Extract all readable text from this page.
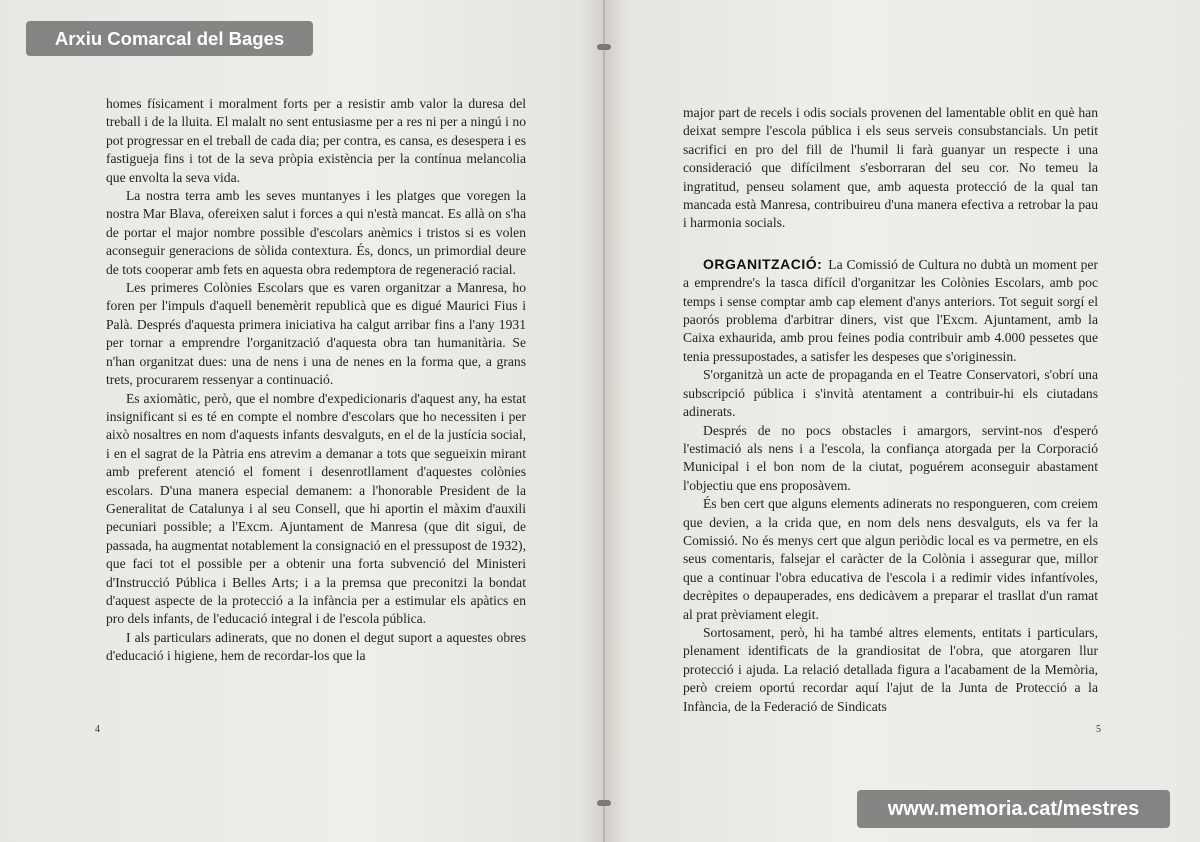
homes físicament i moralment forts per a resistir amb valor la duresa del treball i de la lluita. El malalt no sent entusiasme per a res ni per a ningú i no pot progressar en el treball de cada dia; per contra, es cansa, es desespera i es fastigueja fins i tot de la seva pròpia existència per la contínua melancolia que envolta la seva vida.

La nostra terra amb les seves muntanyes i les platges que voregen la nostra Mar Blava, ofereixen salut i forces a qui n'està mancat. Es allà on s'ha de portar el major nombre possible d'escolars anèmics i tristos si es volen aconseguir generacions de sòlida contextura. És, doncs, un primordial deure de tots cooperar amb fets en aquesta obra redemptora de regeneració racial.

Les primeres Colònies Escolars que es varen organitzar a Manresa, ho foren per l'impuls d'aquell benemèrit republicà que es digué Maurici Fius i Palà. Després d'aquesta primera iniciativa ha calgut arribar fins a l'any 1931 per tornar a emprendre l'organització d'aquesta obra tan humanitària. Se n'han organitzat dues: una de nens i una de nenes en la forma que, a grans trets, procurarem ressenyar a continuació.

Es axiomàtic, però, que el nombre d'expedicionaris d'aquest any, ha estat insignificant si es té en compte el nombre d'escolars que ho necessiten i per això nosaltres en nom d'aquests infants desvalguts, en el de la justícia social, i en el sagrat de la Pàtria ens atrevim a demanar a tots que segueixin mirant amb preferent atenció el foment i desenrotllament d'aquestes colònies escolars. D'una manera especial demanem: a l'honorable President de la Generalitat de Catalunya i al seu Consell, que hi aportin el màxim d'auxili pecuniari possible; a l'Excm. Ajuntament de Manresa (que dit sigui, de passada, ha augmentat notablement la consignació en el pressupost de 1932), que faci tot el possible per a obtenir una forta subvenció del Ministeri d'Instrucció Pública i Belles Arts; i a la premsa que preconitzi la bondat d'aquest aspecte de la protecció a la infància per a estimular els apàtics en pro dels infants, de l'educació integral i de l'escola pública.

I als particulars adinerats, que no donen el degut suport a aquestes obres d'educació i higiene, hem de recordar-los que la

4

major part de recels i odis socials provenen del lamentable oblit en què han deixat sempre l'escola pública i els seus serveis consubstancials. Un petit sacrifici en pro del fill de l'humil li farà guanyar un respecte i una consideració que difícilment s'esborraran del seu cor. No temeu la ingratitud, penseu solament que, amb aquesta protecció de la qual tan mancada està Manresa, contribuireu d'una manera efectiva a retrobar la pau i harmonia socials.

ORGANITZACIÓ: La Comissió de Cultura no dubtà un moment per a emprendre's la tasca difícil d'organitzar les Colònies Escolars, amb poc temps i sense comptar amb cap element d'anys anteriors. Tot seguit sorgí el paorós problema d'arbitrar diners, vist que l'Excm. Ajuntament, amb la Caixa exhaurida, amb prou feines podia contribuir amb 4.000 pessetes que tenia pressupostades, a satisfer les despeses que s'originessin.

S'organitzà un acte de propaganda en el Teatre Conservatori, s'obrí una subscripció pública i s'invità atentament a contribuir-hi els ciutadans adinerats.

Després de no pocs obstacles i amargors, servint-nos d'esperó l'estimació als nens i a l'escola, la confiança atorgada per la Corporació Municipal i el bon nom de la ciutat, poguérem aconseguir abastament l'objectiu que ens proposàvem.

És ben cert que alguns elements adinerats no respongueren, com creiem que devien, a la crida que, en nom dels nens desvalguts, els va fer la Comissió. No és menys cert que algun periòdic local es va permetre, en els seus comentaris, falsejar el caràcter de la Colònia i assegurar que, millor que a continuar l'obra educativa de l'escola i a redimir vides infantívoles, decrèpites o depauperades, ens dedicàvem a preparar el trasllat d'un ramat al prat prèviament elegit.

Sortosament, però, hi ha també altres elements, entitats i particulars, plenament identificats de la grandiositat de l'obra, que atorgaren llur protecció i ajuda. La relació detallada figura a l'acabament de la Memòria, però creiem oportú recordar aquí l'ajut de la Junta de Protecció a la Infància, de la Federació de Sindicats

5
Arxiu Comarcal del Bages
www.memoria.cat/mestres
